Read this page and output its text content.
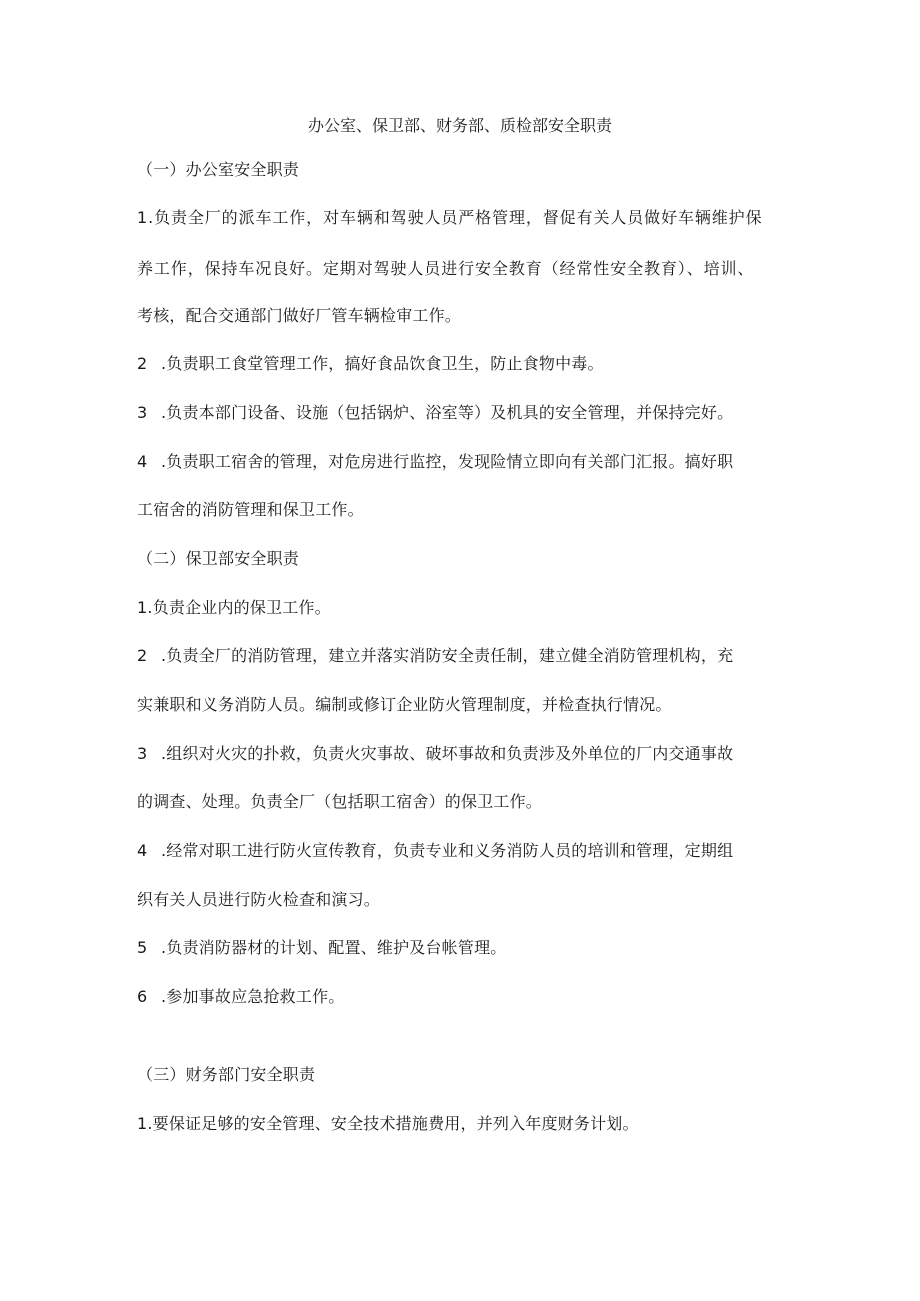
办公室、保卫部、财务部、质检部安全职责
（一）办公室安全职责
1.负责全厂的派车工作，对车辆和驾驶人员严格管理，督促有关人员做好车辆维护保
养工作，保持车况良好。定期对驾驶人员进行安全教育（经常性安全教育）、培训、
考核，配合交通部门做好厂管车辆检审工作。
2 .负责职工食堂管理工作，搞好食品饮食卫生，防止食物中毒。
3 .负责本部门设备、设施（包括锅炉、浴室等）及机具的安全管理，并保持完好。
4 .负责职工宿舍的管理，对危房进行监控，发现险情立即向有关部门汇报。搞好职
工宿舍的消防管理和保卫工作。
（二）保卫部安全职责
1.负责企业内的保卫工作。
2 .负责全厂的消防管理，建立并落实消防安全责任制，建立健全消防管理机构，充
实兼职和义务消防人员。编制或修订企业防火管理制度，并检查执行情况。
3 .组织对火灾的扑救，负责火灾事故、破坏事故和负责涉及外单位的厂内交通事故
的调查、处理。负责全厂（包括职工宿舍）的保卫工作。
4 .经常对职工进行防火宣传教育，负责专业和义务消防人员的培训和管理，定期组
织有关人员进行防火检查和演习。
5 .负责消防器材的计划、配置、维护及台帐管理。
6 .参加事故应急抢救工作。
（三）财务部门安全职责
1.要保证足够的安全管理、安全技术措施费用，并列入年度财务计划。
